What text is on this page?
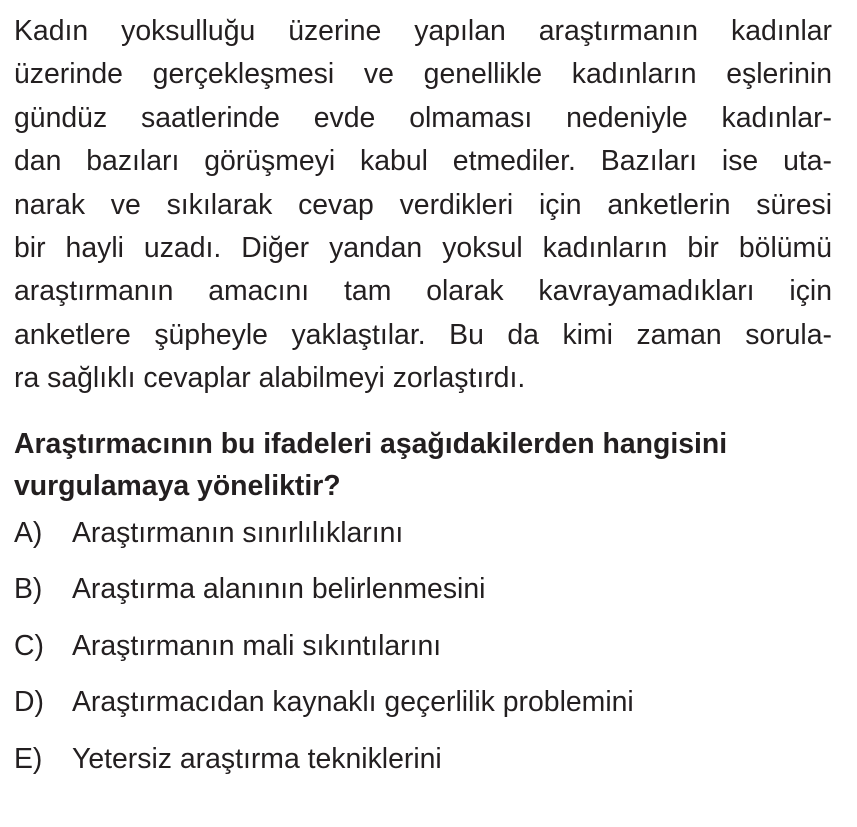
Kadın yoksulluğu üzerine yapılan araştırmanın kadınlar
üzerinde gerçekleşmesi ve genellikle kadınların eşlerinin
gündüz saatlerinde evde olmaması nedeniyle kadınlar-
dan bazıları görüşmeyi kabul etmediler. Bazıları ise uta-
narak ve sıkılarak cevap verdikleri için anketlerin süresi
bir hayli uzadı. Diğer yandan yoksul kadınların bir bölümü
araştırmanın amacını tam olarak kavrayamadıkları için
anketlere şüpheyle yaklaştılar. Bu da kimi zaman sorula-
ra sağlıklı cevaplar alabilmeyi zorlaştırdı.
Araştırmacının bu ifadeleri aşağıdakilerden hangisini
vurgulamaya yöneliktir?
A)	Araştırmanın sınırlılıklarını
B)	Araştırma alanının belirlenmesini
C) Araştırmanın mali sıkıntılarını
D) Araştırmacıdan kaynaklı geçerlilik problemini
E)	Yetersiz araştırma tekniklerini
